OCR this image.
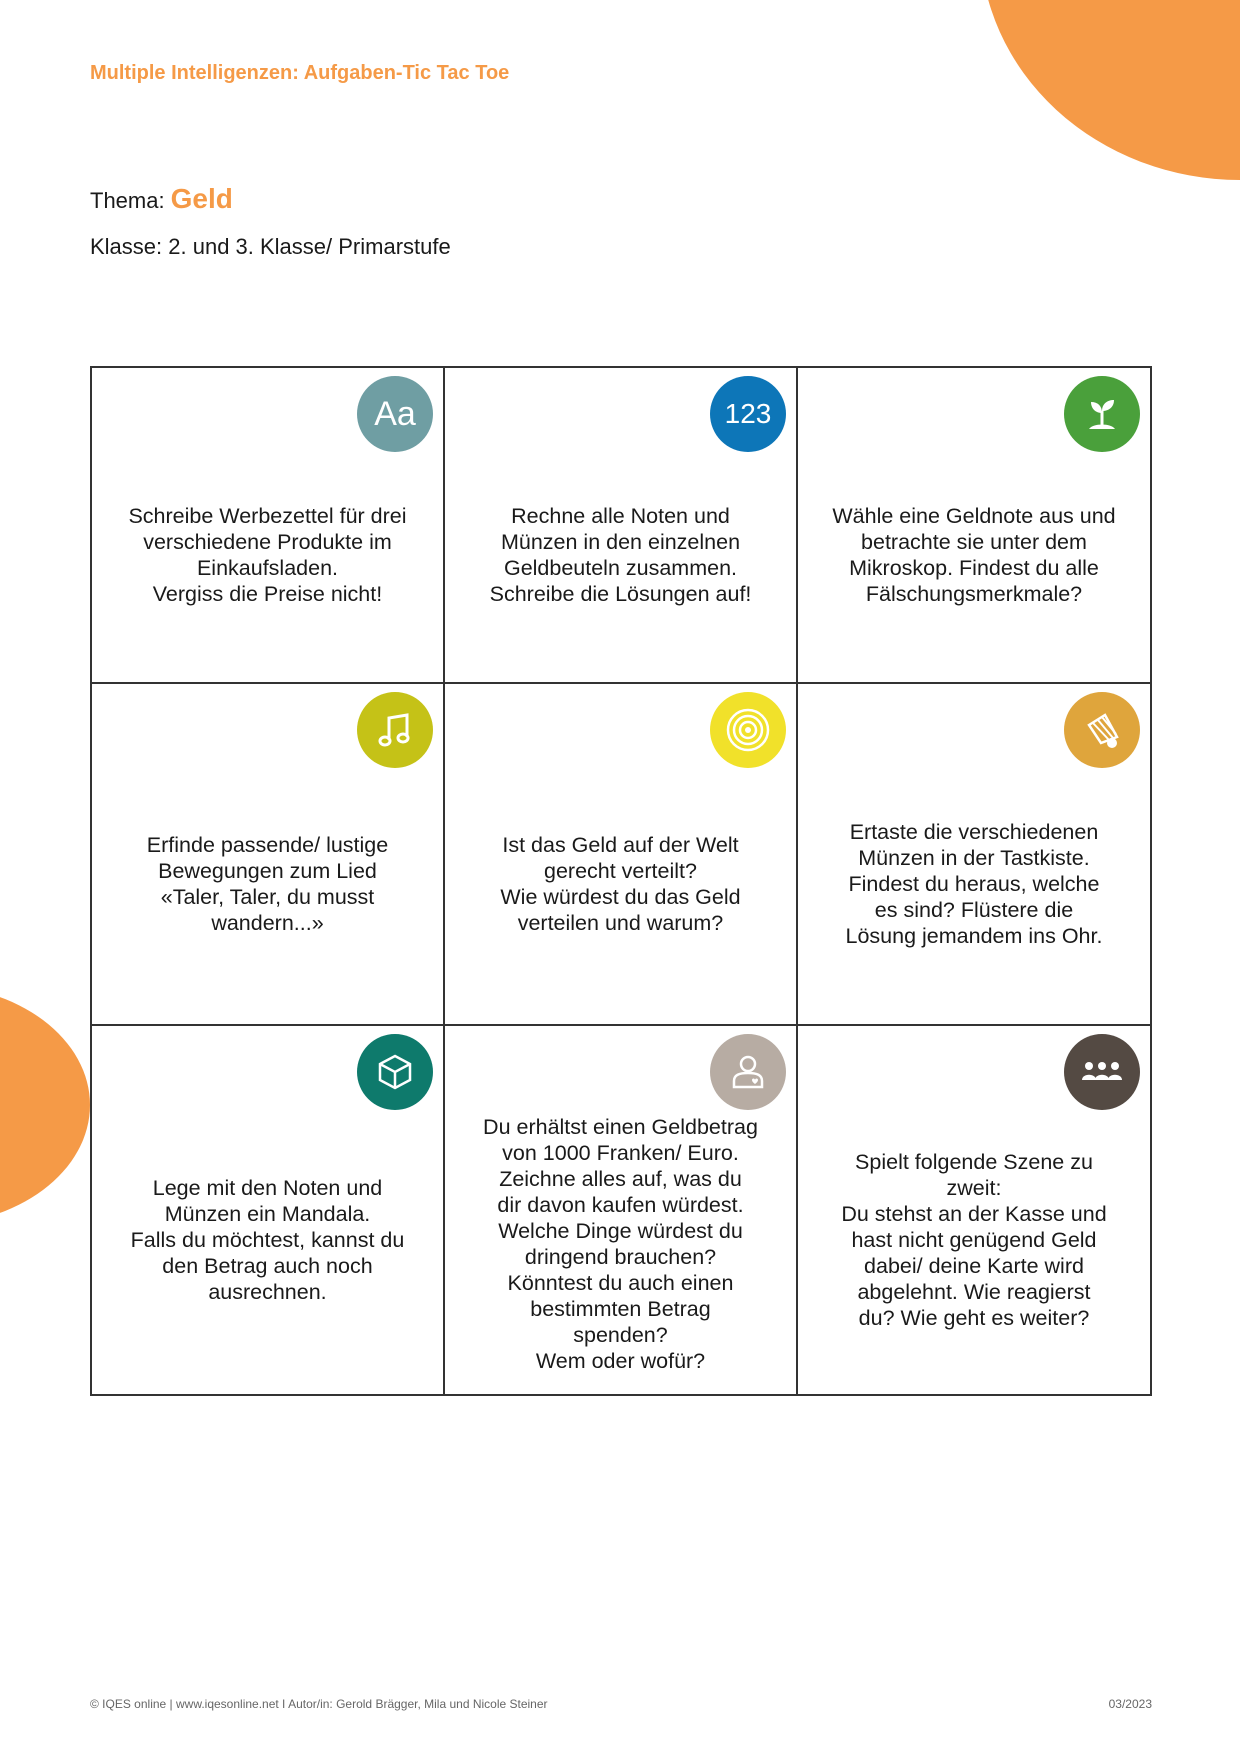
Multiple Intelligenzen: Aufgaben-Tic Tac Toe
Thema: Geld
Klasse: 2. und 3. Klasse/ Primarstufe
Aa
Schreibe Werbezettel für drei
verschiedene Produkte im
Einkaufsladen.
Vergiss die Preise nicht!
123
Rechne alle Noten und
Münzen in den einzelnen
Geldbeuteln zusammen.
Schreibe die Lösungen auf!
Wähle eine Geldnote aus und
betrachte sie unter dem
Mikroskop. Findest du alle
Fälschungsmerkmale?
Erfinde passende/ lustige
Bewegungen zum Lied
«Taler, Taler, du musst
wandern...»
Ist das Geld auf der Welt
gerecht verteilt?
Wie würdest du das Geld
verteilen und warum?
Ertaste die verschiedenen
Münzen in der Tastkiste.
Findest du heraus, welche
es sind? Flüstere die
Lösung jemandem ins Ohr.
Lege mit den Noten und
Münzen ein Mandala.
Falls du möchtest, kannst du
den Betrag auch noch
ausrechnen.
Du erhältst einen Geldbetrag
von 1000 Franken/ Euro.
Zeichne alles auf, was du
dir davon kaufen würdest.
Welche Dinge würdest du
dringend brauchen?
Könntest du auch einen
bestimmten Betrag
spenden?
Wem oder wofür?
Spielt folgende Szene zu
zweit:
Du stehst an der Kasse und
hast nicht genügend Geld
dabei/ deine Karte wird
abgelehnt. Wie reagierst
du? Wie geht es weiter?
© IQES online | www.iqesonline.net I Autor/in: Gerold Brägger, Mila und Nicole Steiner	03/2023
